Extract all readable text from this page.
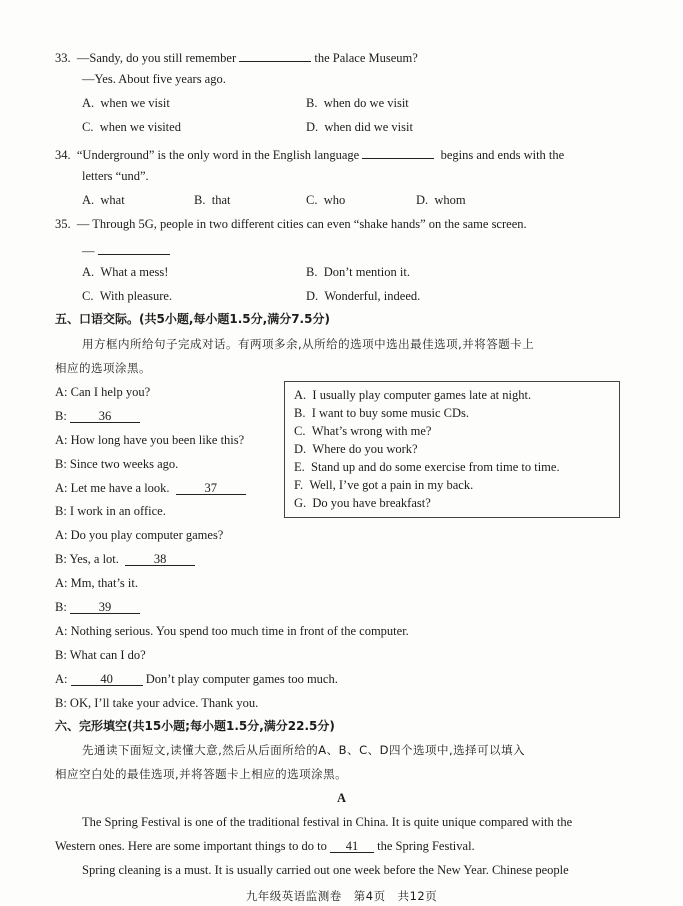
33. —Sandy, do you still remember	the Palace Museum?
—Yes. About five years ago.
A. when we visit	B. when do we visit
C. when we visited	D. when did we visit
34. “Underground” is the only word in the English language	begins and ends with the
letters “und”.
A. what	B. that	C. who	D. whom
35. — Through 5G, people in two different cities can even “shake hands” on the same screen.
—
A. What a mess!	B. Don’t mention it.
C. With pleasure.	D. Wonderful, indeed.
五、口语交际。(共5小题,每小题1.5分,满分7.5分)
用方框内所给句子完成对话。有两项多余,从所给的选项中选出最佳选项,并将答题卡上
相应的选项涂黑。
A: Can I help you?
B:	36
A: How long have you been like this?
B: Since two weeks ago.
A: Let me have a look.	37
B: I work in an office.
A: Do you play computer games?
B: Yes, a lot.	38
A: Mm, that’s it.
B:	39
A: Nothing serious. You spend too much time in front of the computer.
B: What can I do?
A:	40	Don’t play computer games too much.
B: OK, I’ll take your advice. Thank you.
A. I usually play computer games late at night.
B. I want to buy some music CDs.
C. What’s wrong with me?
D. Where do you work?
E. Stand up and do some exercise from time to time.
F. Well, I’ve got a pain in my back.
G. Do you have breakfast?
六、完形填空(共15小题;每小题1.5分,满分22.5分)
先通读下面短文,读懂大意,然后从后面所给的A、B、C、D四个选项中,选择可以填入
相应空白处的最佳选项,并将答题卡上相应的选项涂黑。
A
The Spring Festival is one of the traditional festival in China. It is quite unique compared with the
Western ones. Here are some important things to do to 41 the Spring Festival.
Spring cleaning is a must. It is usually carried out one week before the New Year. Chinese people
九年级英语监测卷　第4页　共12页
